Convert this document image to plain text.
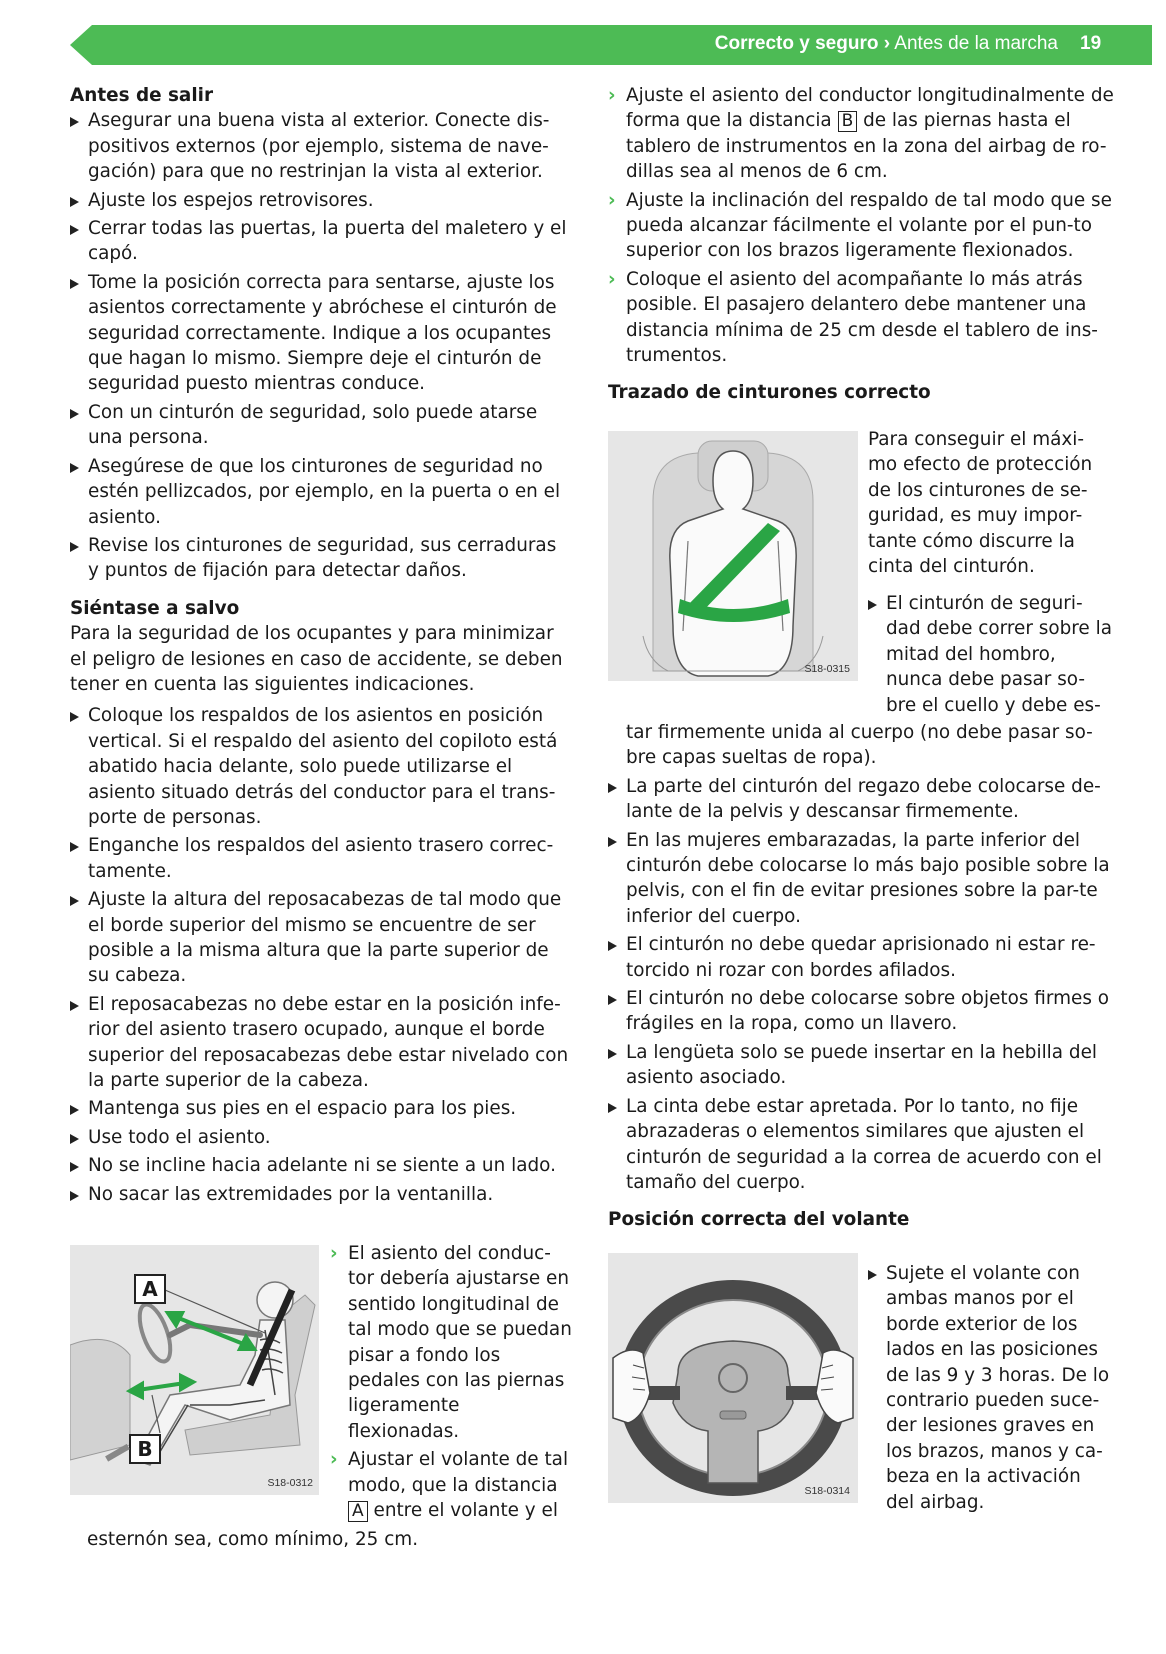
Correcto y seguro › Antes de la marcha 19

Antes de salir

Asegurar una buena vista al exterior. Conecte dis-positivos externos (por ejemplo, sistema de nave-gación) para que no restrinjan la vista al exterior.
Ajuste los espejos retrovisores.
Cerrar todas las puertas, la puerta del maletero y el capó.
Tome la posición correcta para sentarse, ajuste los asientos correctamente y abróchese el cinturón de seguridad correctamente. Indique a los ocupantes que hagan lo mismo. Siempre deje el cinturón de seguridad puesto mientras conduce.
Con un cinturón de seguridad, solo puede atarse una persona.
Asegúrese de que los cinturones de seguridad no estén pellizcados, por ejemplo, en la puerta o en el asiento.
Revise los cinturones de seguridad, sus cerraduras y puntos de fijación para detectar daños.

Siéntase a salvo

Para la seguridad de los ocupantes y para minimizar el peligro de lesiones en caso de accidente, se deben tener en cuenta las siguientes indicaciones.

Coloque los respaldos de los asientos en posición vertical. Si el respaldo del asiento del copiloto está abatido hacia delante, solo puede utilizarse el asiento situado detrás del conductor para el trans-porte de personas.
Enganche los respaldos del asiento trasero correc-tamente.
Ajuste la altura del reposacabezas de tal modo que el borde superior del mismo se encuentre de ser posible a la misma altura que la parte superior de su cabeza.
El reposacabezas no debe estar en la posición infe-rior del asiento trasero ocupado, aunque el borde superior del reposacabezas debe estar nivelado con la parte superior de la cabeza.
Mantenga sus pies en el espacio para los pies.
Use todo el asiento.
No se incline hacia adelante ni se siente a un lado.
No sacar las extremidades por la ventanilla.
A
B
S18-0312
› El asiento del conduc-tor debería ajustarse en sentido longitudinal de tal modo que se puedan pisar a fondo los pedales con las piernas ligeramente flexionadas.
› Ajustar el volante de tal modo, que la distancia A entre el volante y el
esternón sea, como mínimo, 25 cm.
› Ajuste el asiento del conductor longitudinalmente de forma que la distancia B de las piernas hasta el tablero de instrumentos en la zona del airbag de ro-dillas sea al menos de 6 cm.
› Ajuste la inclinación del respaldo de tal modo que se pueda alcanzar fácilmente el volante por el pun-to superior con los brazos ligeramente flexionados.
› Coloque el asiento del acompañante lo más atrás posible. El pasajero delantero debe mantener una distancia mínima de 25 cm desde el tablero de ins-trumentos.

Trazado de cinturones correcto

S18-0315
Para conseguir el máxi-mo efecto de protección de los cinturones de se-guridad, es muy impor-tante cómo discurre la cinta del cinturón.
El cinturón de seguri-dad debe correr sobre la mitad del hombro, nunca debe pasar so-bre el cuello y debe es-

tar firmemente unida al cuerpo (no debe pasar so-bre capas sueltas de ropa).

La parte del cinturón del regazo debe colocarse de-lante de la pelvis y descansar firmemente.
En las mujeres embarazadas, la parte inferior del cinturón debe colocarse lo más bajo posible sobre la pelvis, con el fin de evitar presiones sobre la par-te inferior del cuerpo.
El cinturón no debe quedar aprisionado ni estar re-torcido ni rozar con bordes afilados.
El cinturón no debe colocarse sobre objetos firmes o frágiles en la ropa, como un llavero.
La lengüeta solo se puede insertar en la hebilla del asiento asociado.
La cinta debe estar apretada. Por lo tanto, no fije abrazaderas o elementos similares que ajusten el cinturón de seguridad a la correa de acuerdo con el tamaño del cuerpo.

Posición correcta del volante

S18-0314
Sujete el volante con ambas manos por el borde exterior de los lados en las posiciones de las 9 y 3 horas. De lo contrario pueden suce-der lesiones graves en los brazos, manos y ca-beza en la activación del airbag.
